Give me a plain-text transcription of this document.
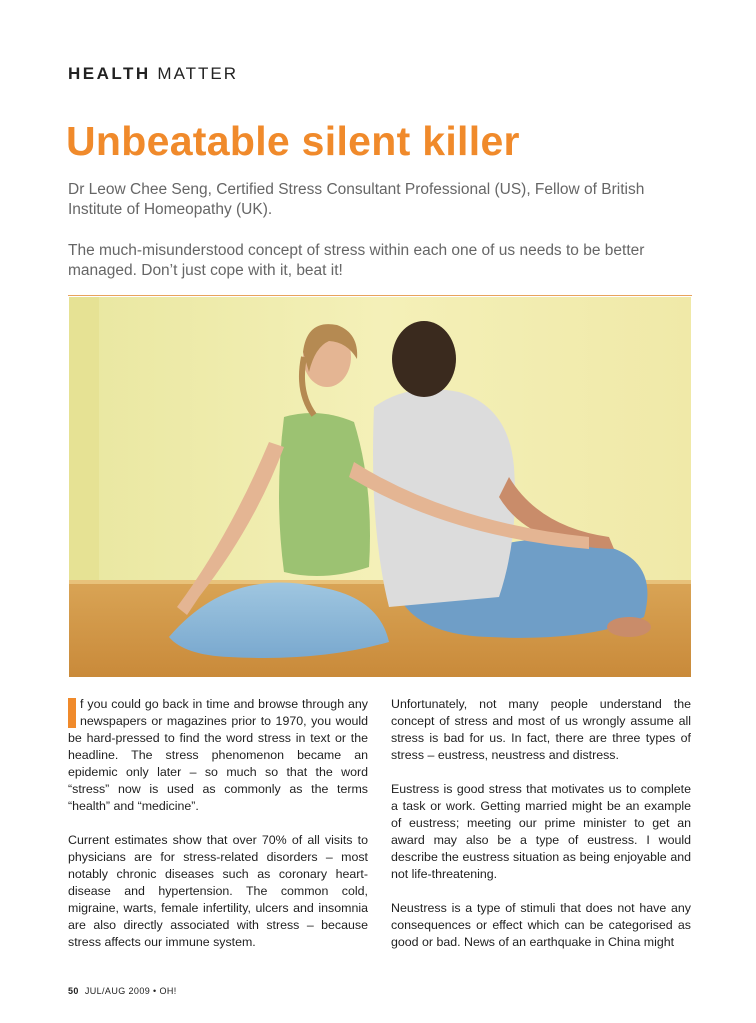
HEALTH MATTER
Unbeatable silent killer
Dr Leow Chee Seng, Certified Stress Consultant Professional (US), Fellow of British Institute of Homeopathy (UK).
The much-misunderstood concept of stress within each one of us needs to be better managed. Don’t just cope with it, beat it!

f you could go back in time and browse through any newspapers or magazines prior to 1970, you would be hard-pressed to find the word stress in text or the headline. The stress phenomenon became an epidemic only later – so much so that the word “stress” now is used as commonly as the terms “health” and “medicine”.

Current estimates show that over 70% of all visits to physicians are for stress-related disorders – most notably chronic diseases such as coronary heart-disease and hypertension. The common cold, migraine, warts, female infertility, ulcers and insomnia are also directly associated with stress – because stress affects our immune system.

Unfortunately, not many people understand the concept of stress and most of us wrongly assume all stress is bad for us. In fact, there are three types of stress – eustress, neustress and distress.

Eustress is good stress that motivates us to complete a task or work. Getting married might be an example of eustress; meeting our prime minister to get an award may also be a type of eustress. I would describe the eustress situation as being enjoyable and not life-threatening.

Neustress is a type of stimuli that does not have any consequences or effect which can be categorised as good or bad. News of an earthquake in China might

50 JUL/AUG 2009 • OH!
